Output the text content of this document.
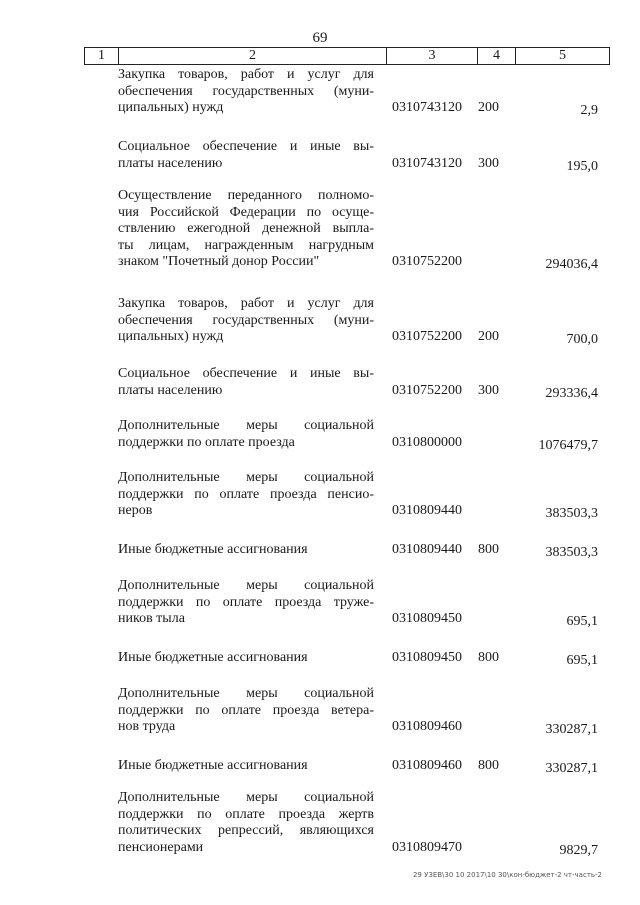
69
1	2	3	4	5
Закупка товаров, работ и услуг для
обеспечения государственных (муни-
ципальных) нужд	0310743120 200	2,9
Социальное обеспечение и иные вы-
платы населению	0310743120 300	195,0
Осуществление переданного полномо-
чия Российской Федерации по осуще-
ствлению ежегодной денежной выпла-
ты лицам, награжденным нагрудным
знаком "Почетный донор России"	0310752200	294036,4
Закупка товаров, работ и услуг для
обеспечения государственных (муни-
ципальных) нужд	0310752200 200	700,0
Социальное обеспечение и иные вы-
платы населению	0310752200 300	293336,4
Дополнительные меры социальной
поддержки по оплате проезда	0310800000	1076479,7
Дополнительные меры социальной
поддержки по оплате проезда пенсио-
неров	0310809440	383503,3
Иные бюджетные ассигнования	0310809440 800	383503,3
Дополнительные меры социальной
поддержки по оплате проезда труже-
ников тыла	0310809450	695,1
Иные бюджетные ассигнования	0310809450 800	695,1
Дополнительные меры социальной
поддержки по оплате проезда ветера-
нов труда	0310809460	330287,1
Иные бюджетные ассигнования	0310809460 800	330287,1
Дополнительные меры социальной
поддержки по оплате проезда жертв
политических репрессий, являющихся
пенсионерами	0310809470	9829,7
29 УЗЕВ\30 10 2017\10 30\кон-бюджет-2 чт-часть-2
